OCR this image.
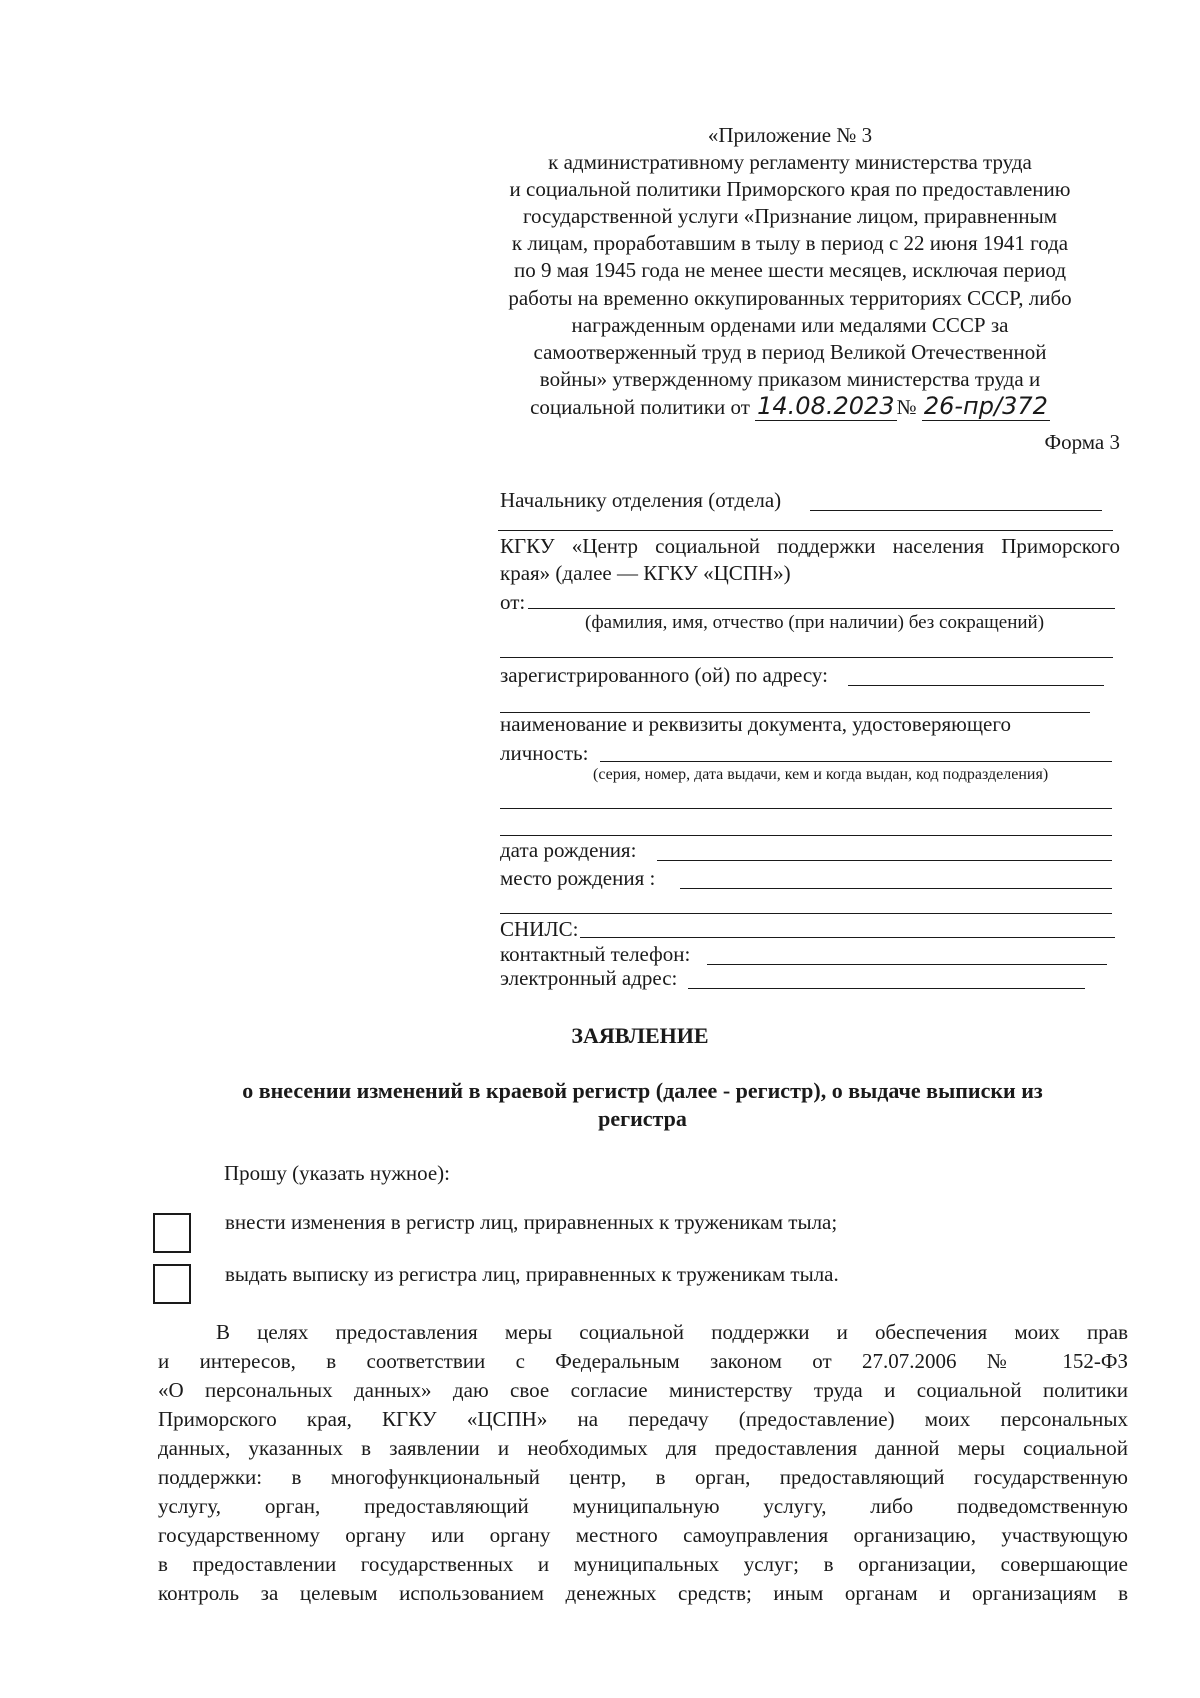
«Приложение № 3
к административному регламенту министерства труда
и социальной политики Приморского края по предоставлению
государственной услуги «Признание лицом, приравненным
к лицам, проработавшим в тылу в период с 22 июня 1941 года
по 9 мая 1945 года не менее шести месяцев, исключая период
работы на временно оккупированных территориях СССР, либо
награжденным орденами или медалями СССР за
самоотверженный труд в период Великой Отечественной
войны» утвержденному приказом министерства труда и
социальной политики от 14.08.2023№ 26-пр/372
Форма 3
Начальнику отделения (отдела)
КГКУ «Центр социальной поддержки населения Приморского
края» (далее — КГКУ «ЦСПН»)
от:
(фамилия, имя, отчество (при наличии) без сокращений)
зарегистрированного (ой) по адресу:
наименование и реквизиты документа, удостоверяющего
личность:
(серия, номер, дата выдачи, кем и когда выдан, код подразделения)
дата рождения:
место рождения :
СНИЛС:
контактный телефон:
электронный адрес:
ЗАЯВЛЕНИЕ
о внесении изменений в краевой регистр (далее - регистр), о выдаче выписки из
регистра
Прошу (указать нужное):
внести изменения в регистр лиц, приравненных к труженикам тыла;
выдать выписку из регистра лиц, приравненных к труженикам тыла.
В целях предоставления меры социальной поддержки и обеспечения моих прав
и интересов, в соответствии с Федеральным законом от 27.07.2006 № 152-ФЗ
«О персональных данных» даю свое согласие министерству труда и социальной политики
Приморского края, КГКУ «ЦСПН» на передачу (предоставление) моих персональных
данных, указанных в заявлении и необходимых для предоставления данной меры социальной
поддержки: в многофункциональный центр, в орган, предоставляющий государственную
услугу, орган, предоставляющий муниципальную услугу, либо подведомственную
государственному органу или органу местного самоуправления организацию, участвующую
в предоставлении государственных и муниципальных услуг; в организации, совершающие
контроль за целевым использованием денежных средств; иным органам и организациям в
